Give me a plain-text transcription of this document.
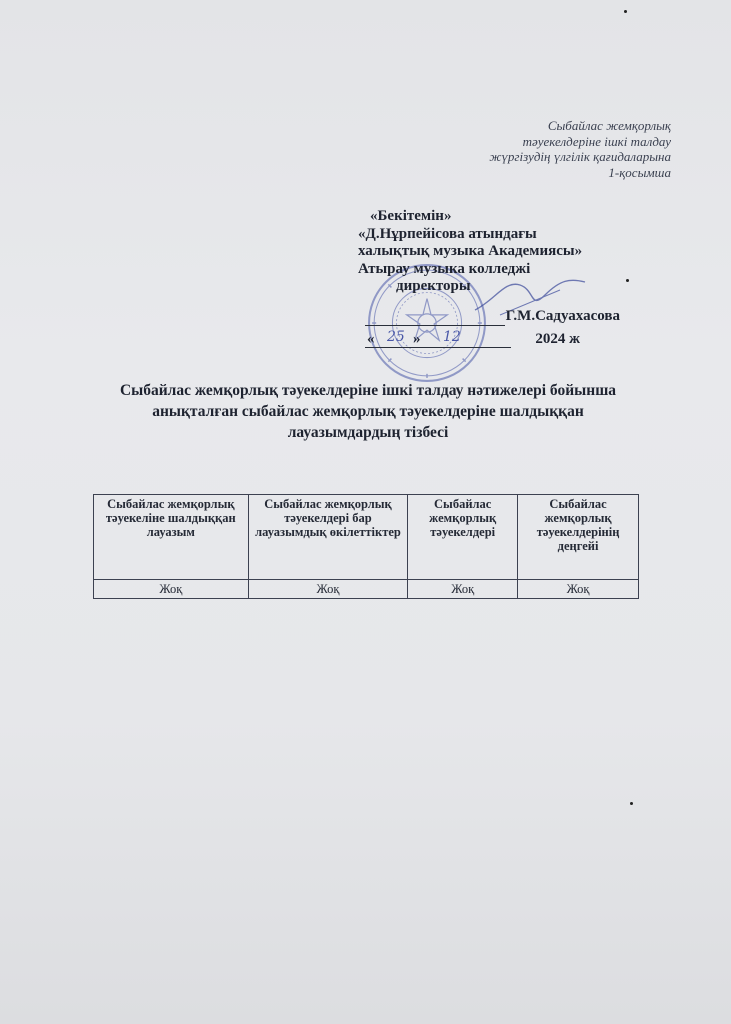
Сыбайлас жемқорлық
тәуекелдеріне ішкі талдау
жүргізудің үлгілік қағидаларына
1-қосымша
«Бекітемін»
«Д.Нұрпейісова атындағы
халықтық музыка Академиясы»
Атырау музыка колледжі
директоры
Г.М.Садуахасова
« 25 » 12	2024 ж
Сыбайлас жемқорлық тәуекелдеріне ішкі талдау нәтижелері бойынша
анықталған сыбайлас жемқорлық тәуекелдеріне шалдыққан
лауазымдардың тізбесі
Сыбайлас жемқорлық тәуекеліне шалдыққан лауазым	Сыбайлас жемқорлық тәуекелдері бар лауазымдық өкілеттіктер	Сыбайлас жемқорлық тәуекелдері	Сыбайлас жемқорлық тәуекелдерінің деңгейі
Жоқ	Жоқ	Жоқ	Жоқ
